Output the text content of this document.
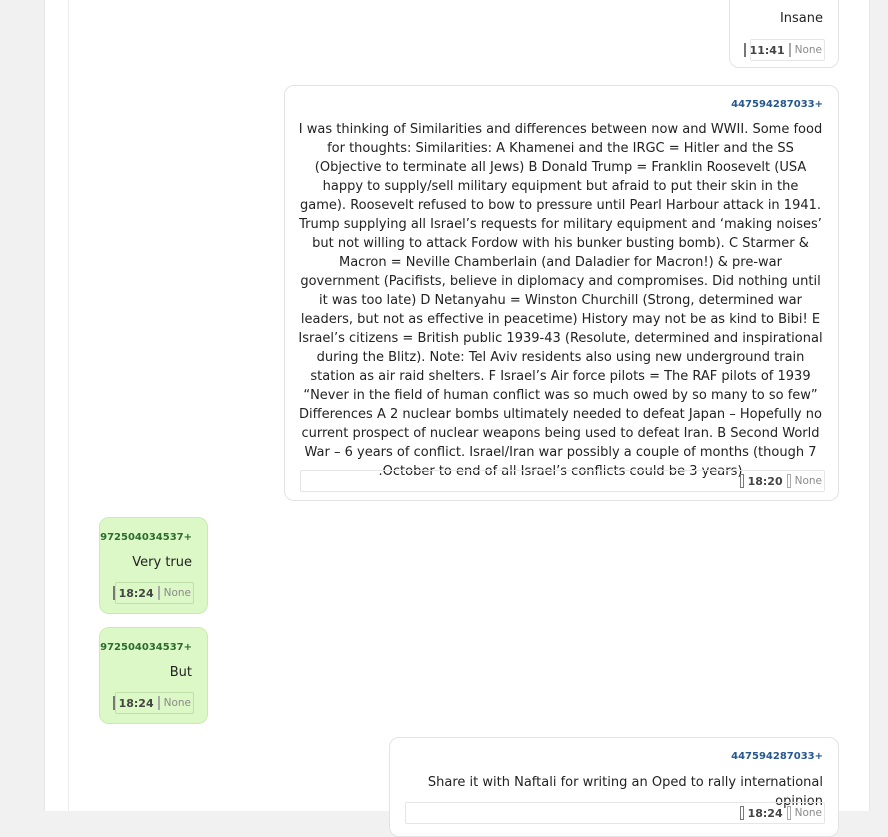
Insane
11:41 None
447594287033+
I was thinking of Similarities and differences between now and WWII. Some food for thoughts: Similarities: A Khamenei and the IRGC = Hitler and the SS (Objective to terminate all Jews) B Donald Trump = Franklin Roosevelt (USA happy to supply/sell military equipment but afraid to put their skin in the game). Roosevelt refused to bow to pressure until Pearl Harbour attack in 1941. Trump supplying all Israel’s requests for military equipment and ‘making noises’ but not willing to attack Fordow with his bunker busting bomb). C Starmer & Macron = Neville Chamberlain (and Daladier for Macron!) & pre-war government (Pacifists, believe in diplomacy and compromises. Did nothing until it was too late) D Netanyahu = Winston Churchill (Strong, determined war leaders, but not as effective in peacetime) History may not be as kind to Bibi! E Israel’s citizens = British public 1939-43 (Resolute, determined and inspirational during the Blitz). Note: Tel Aviv residents also using new underground train station as air raid shelters. F Israel’s Air force pilots = The RAF pilots of 1939 “Never in the field of human conflict was so much owed by so many to so few” Differences A 2 nuclear bombs ultimately needed to defeat Japan – Hopefully no current prospect of nuclear weapons being used to defeat Iran. B Second World War – 6 years of conflict. Israel/Iran war possibly a couple of months (though 7 October to end of all Israel’s conflicts could be 3 years).
18:20 None
972504034537+
Very true
18:24 None
972504034537+
But
18:24 None
447594287033+
Share it with Naftali for writing an Oped to rally international opinion
18:24 None
